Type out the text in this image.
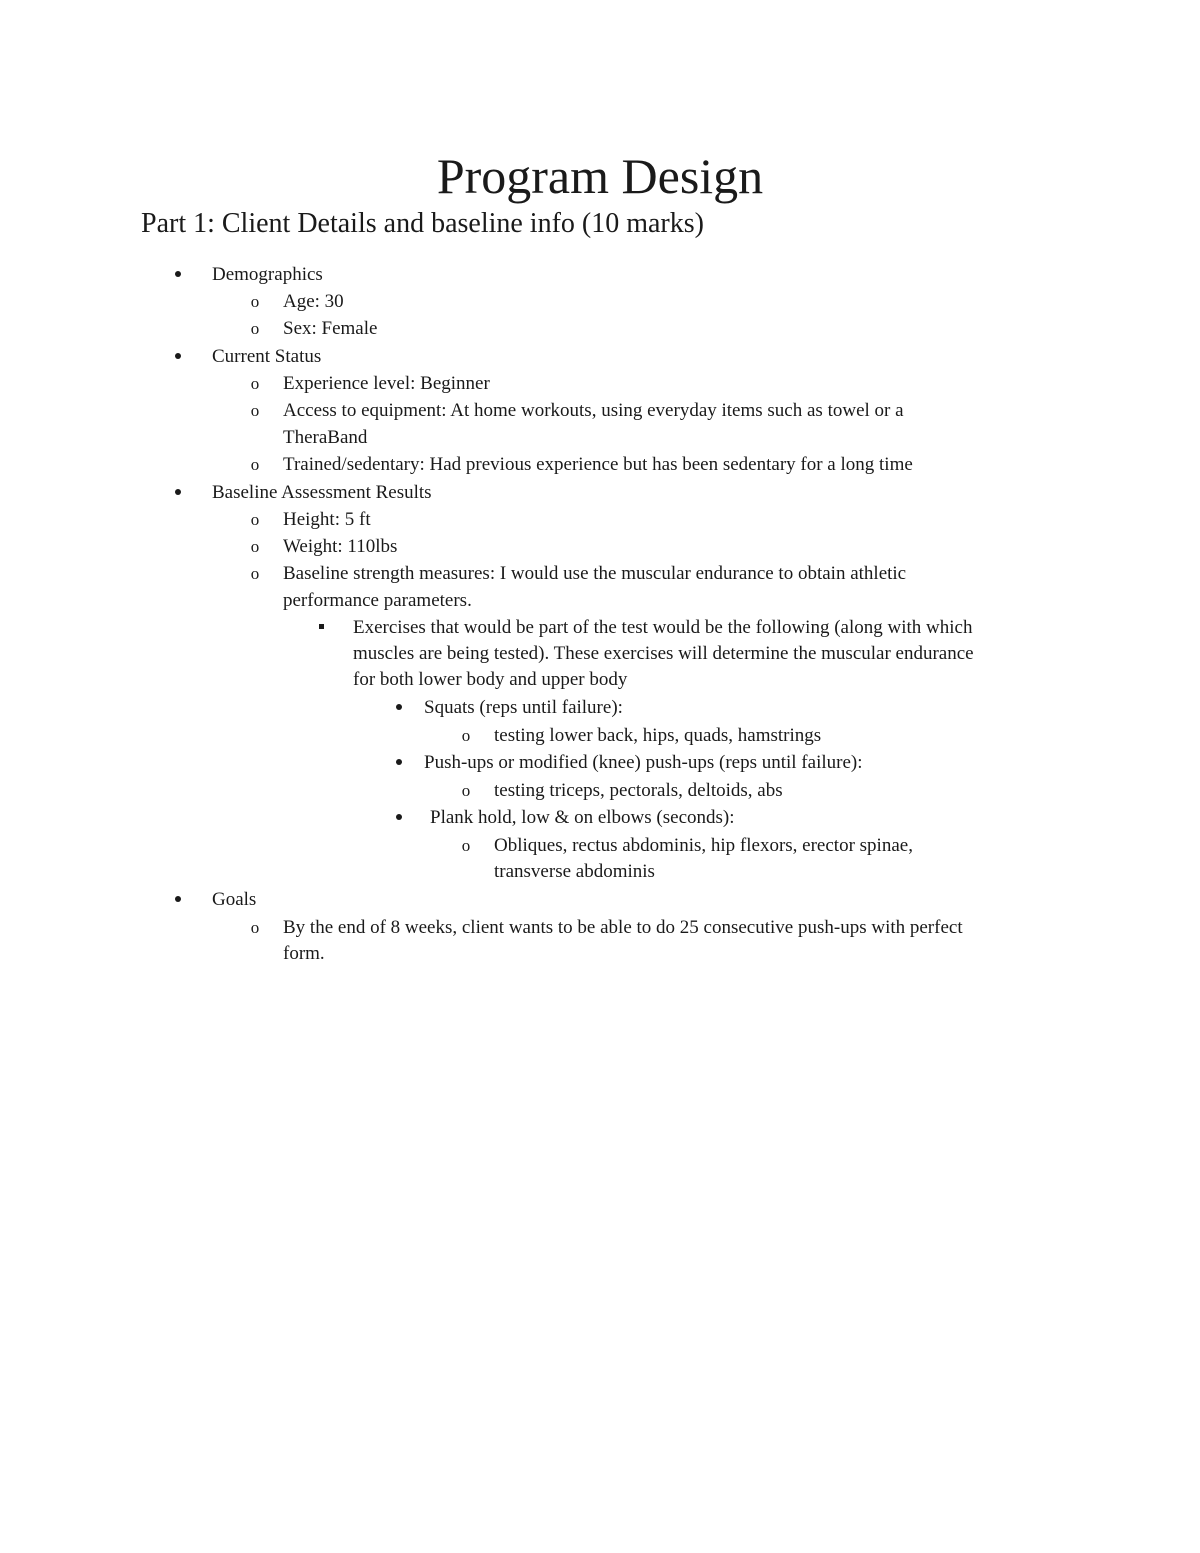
Program Design
Part 1: Client Details and baseline info (10 marks)
Demographics
o	Age: 30
o	Sex: Female
Current Status
o	Experience level: Beginner
o	Access to equipment: At home workouts, using everyday items such as towel or a
TheraBand
o	Trained/sedentary: Had previous experience but has been sedentary for a long time
Baseline Assessment Results
o	Height: 5 ft
o	Weight: 110lbs
o	Baseline strength measures: I would use the muscular endurance to obtain athletic
performance parameters.
Exercises that would be part of the test would be the following (along with which
muscles are being tested). These exercises will determine the muscular endurance
for both lower body and upper body
Squats (reps until failure):
o	testing lower back, hips, quads, hamstrings
Push-ups or modified (knee) push-ups (reps until failure):
o	testing triceps, pectorals, deltoids, abs
Plank hold, low & on elbows (seconds):
o	Obliques, rectus abdominis, hip flexors, erector spinae,
transverse abdominis
Goals
o	By the end of 8 weeks, client wants to be able to do 25 consecutive push-ups with perfect
form.
